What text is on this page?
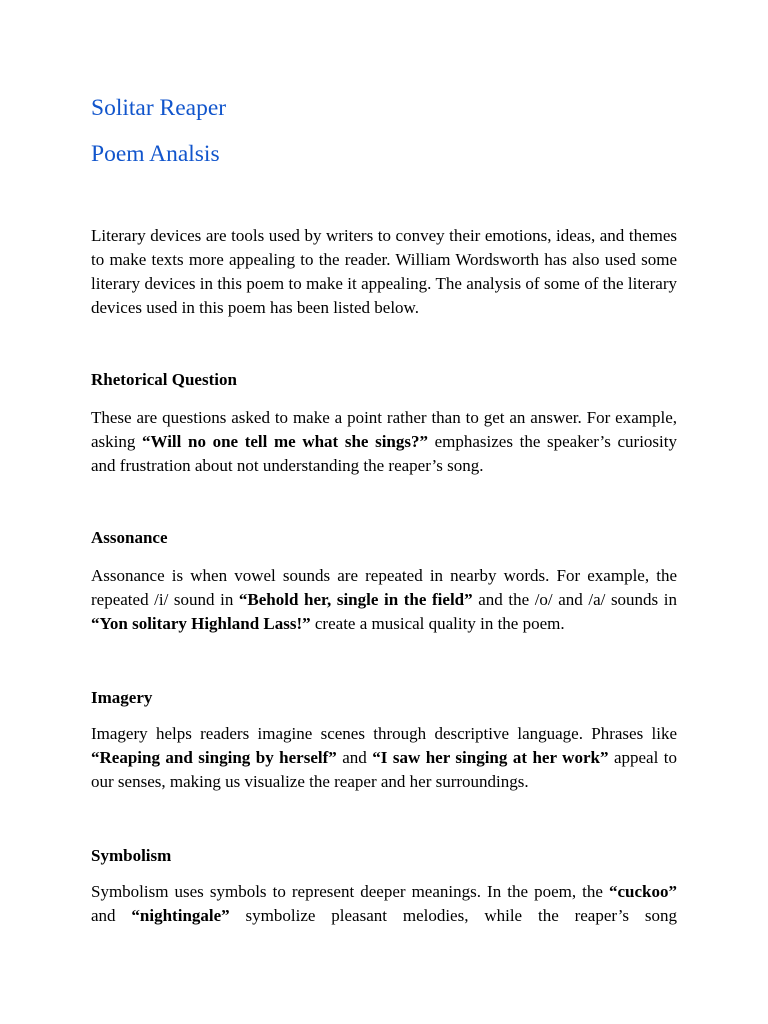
Solitar Reaper
Poem Analsis

Literary devices are tools used by writers to convey their emotions, ideas, and themes to make texts more appealing to the reader. William Wordsworth has also used some literary devices in this poem to make it appealing. The analysis of some of the literary devices used in this poem has been listed below.

Rhetorical Question

These are questions asked to make a point rather than to get an answer. For example, asking “Will no one tell me what she sings?” emphasizes the speaker’s curiosity and frustration about not understanding the reaper’s song.

Assonance

Assonance is when vowel sounds are repeated in nearby words. For example, the repeated /i/ sound in “Behold her, single in the field” and the /o/ and /a/ sounds in “Yon solitary Highland Lass!” create a musical quality in the poem.

Imagery

Imagery helps readers imagine scenes through descriptive language. Phrases like “Reaping and singing by herself” and “I saw her singing at her work” appeal to our senses, making us visualize the reaper and her surroundings.

Symbolism

Symbolism uses symbols to represent deeper meanings. In the poem, the “cuckoo” and “nightingale” symbolize pleasant melodies, while the reaper’s song
